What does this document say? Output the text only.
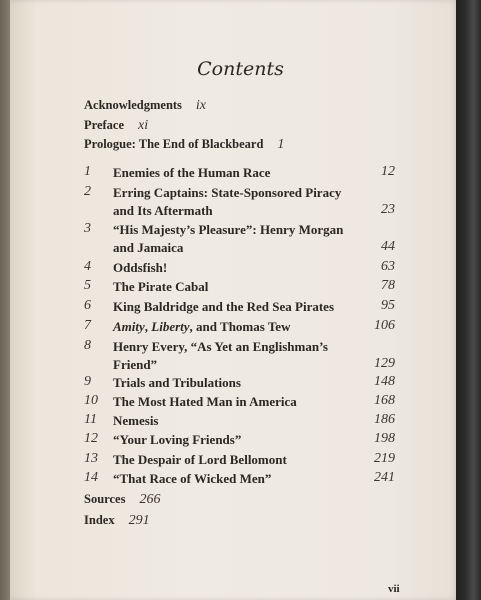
Contents
Acknowledgments ix
Preface xi
Prologue: The End of Blackbeard 1
1 Enemies of the Human Race	12
2 Erring Captains: State-Sponsored Piracy
and Its Aftermath	23
3 “His Majesty’s Pleasure”: Henry Morgan
and Jamaica	44
4 Oddsfish!	63
5 The Pirate Cabal	78
6 King Baldridge and the Red Sea Pirates	95
7 Amity, Liberty, and Thomas Tew	106
8 Henry Every, “As Yet an Englishman’s
Friend”	129
9 Trials and Tribulations	148
10 The Most Hated Man in America	168
11 Nemesis	186
12 “Your Loving Friends”	198
13 The Despair of Lord Bellomont	219
14 “That Race of Wicked Men”	241
Sources 266
Index 291
vii
